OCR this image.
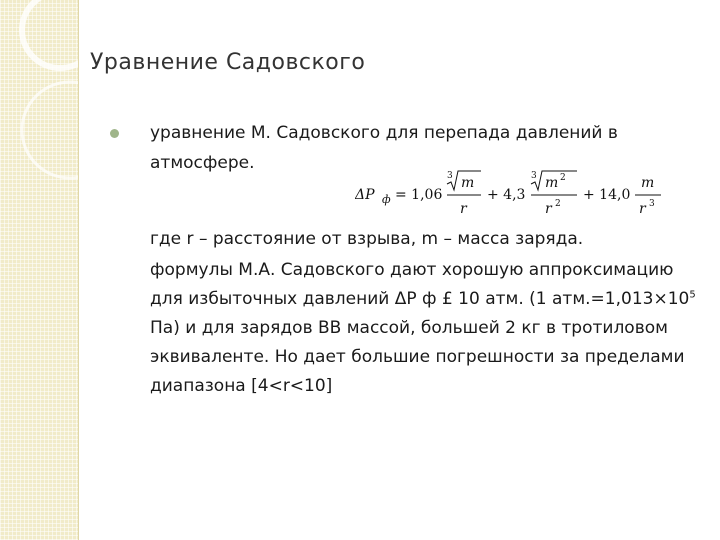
Уравнение Садовского
уравнение М. Садовского для перепада давлений в атмосфере.
где r – расстояние от взрыва, m – масса заряда.
формулы М.А. Садовского дают хорошую аппроксимацию для избыточных давлений ΔР ф £ 10 атм. (1 $атм.=1,013\times 10^5$ Па) и для зарядов ВВ массой, большей 2 кг в тротиловом эквиваленте. Но дает большие погрешности за пределами диапазона [4<r<10]
ΔP ф = 1,06
3 m
r
+ 4,3
3 m 2
r 2
+ 14,0
m
r 3
